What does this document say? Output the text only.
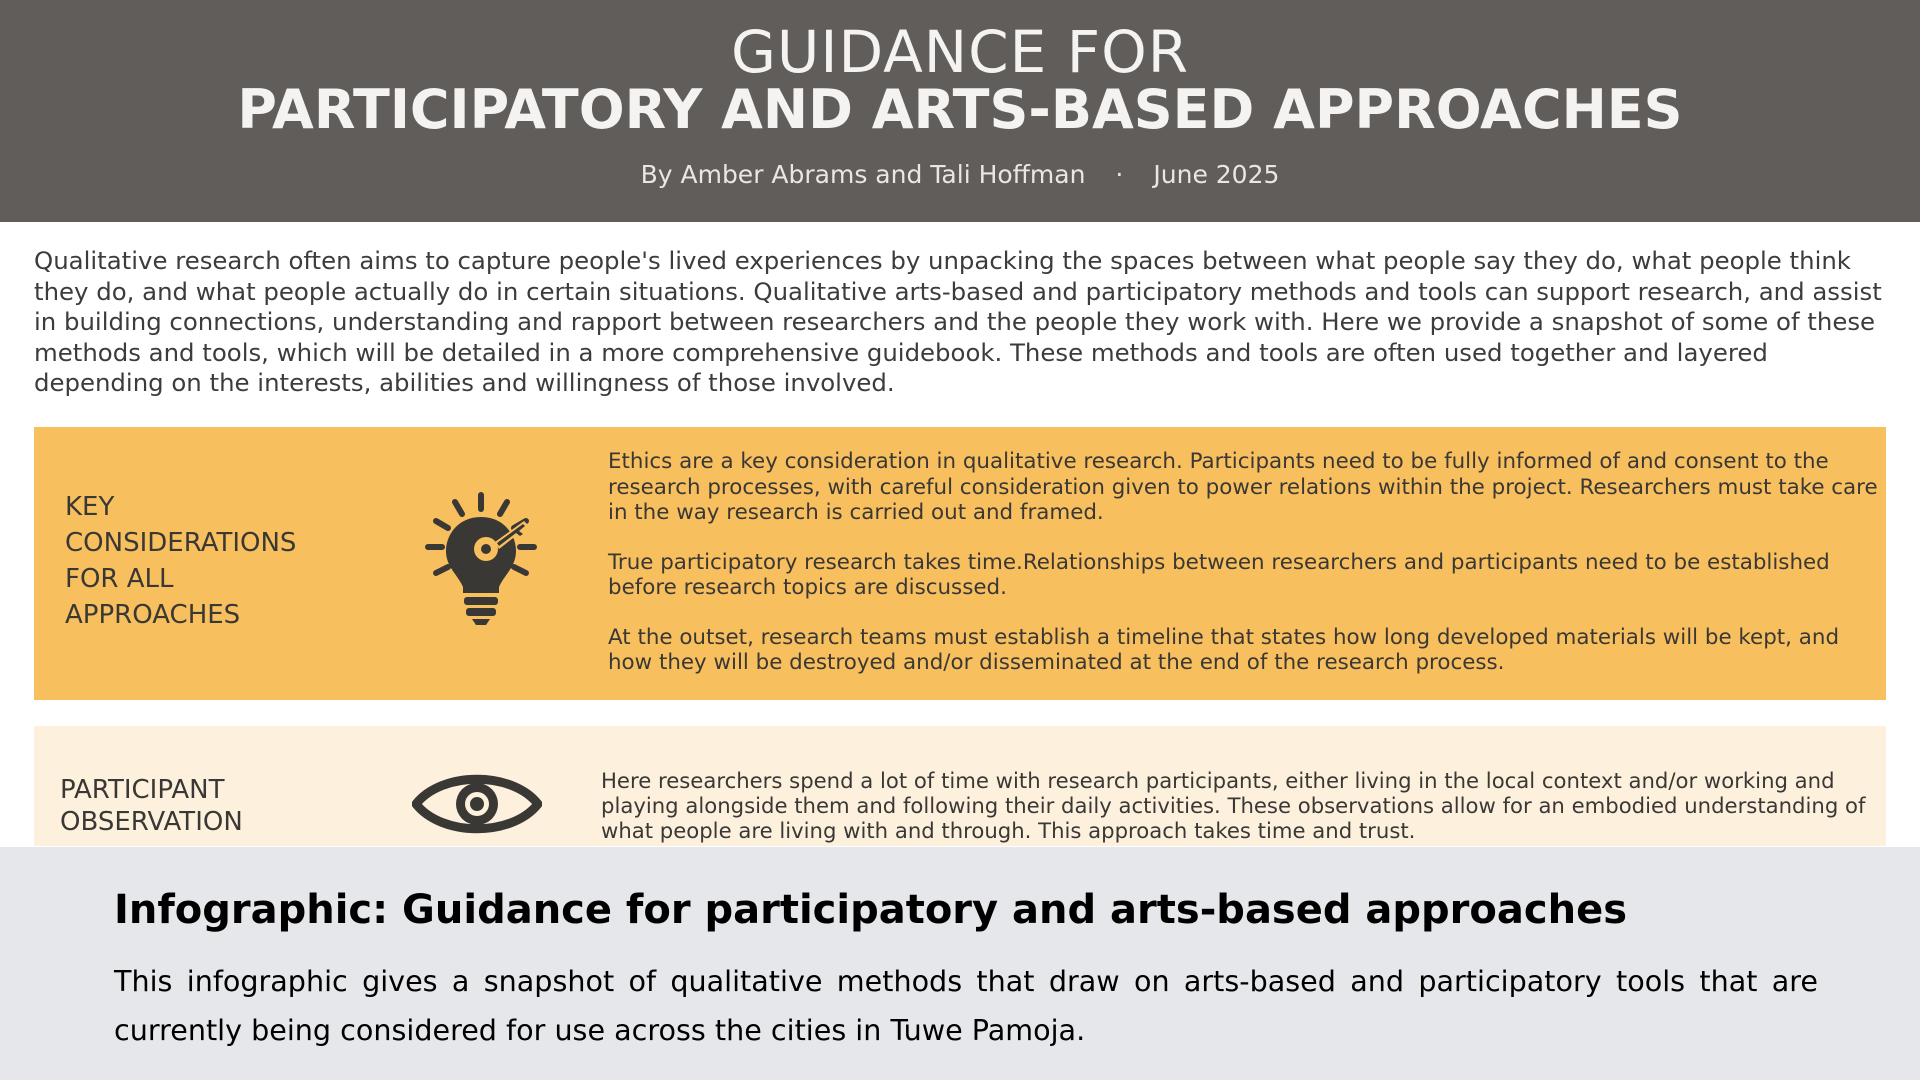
GUIDANCE FOR
PARTICIPATORY AND ARTS-BASED APPROACHES
By Amber Abrams and Tali Hoffman · June 2025
Qualitative research often aims to capture people's lived experiences by unpacking the spaces between what people say they do, what people think they do, and what people actually do in certain situations. Qualitative arts-based and participatory methods and tools can support research, and assist in building connections, understanding and rapport between researchers and the people they work with. Here we provide a snapshot of some of these methods and tools, which will be detailed in a more comprehensive guidebook. These methods and tools are often used together and layered depending on the interests, abilities and willingness of those involved.
KEY
CONSIDERATIONS
FOR ALL
APPROACHES

Ethics are a key consideration in qualitative research. Participants need to be fully informed of and consent to the research processes, with careful consideration given to power relations within the project. Researchers must take care in the way research is carried out and framed.

True participatory research takes time.Relationships between researchers and participants need to be established before research topics are discussed.

At the outset, research teams must establish a timeline that states how long developed materials will be kept, and how they will be destroyed and/or disseminated at the end of the research process.

PARTICIPANT
OBSERVATION

Here researchers spend a lot of time with research participants, either living in the local context and/or working and playing alongside them and following their daily activities. These observations allow for an embodied understanding of what people are living with and through. This approach takes time and trust.

Infographic: Guidance for participatory and arts-based approaches
This infographic gives a snapshot of qualitative methods that draw on arts-based and participatory tools that are currently being considered for use across the cities in Tuwe Pamoja.
